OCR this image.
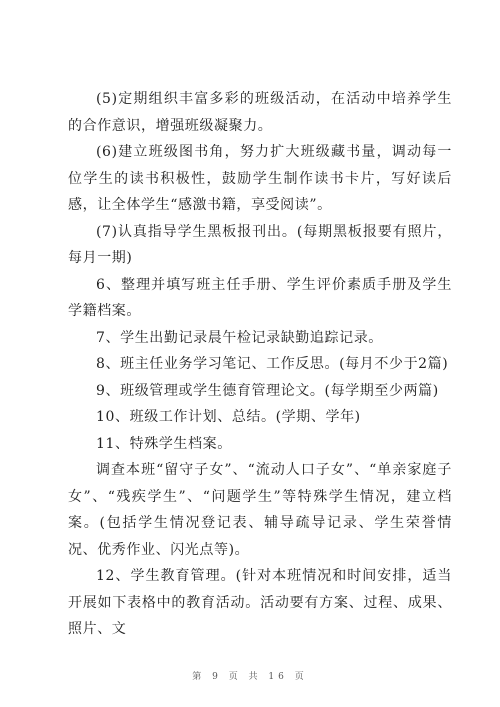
(5)定期组织丰富多彩的班级活动，在活动中培养学生的合作意识，增强班级凝聚力。

(6)建立班级图书角，努力扩大班级藏书量，调动每一位学生的读书积极性，鼓励学生制作读书卡片，写好读后感，让全体学生“感激书籍，享受阅读”。

(7)认真指导学生黑板报刊出。(每期黑板报要有照片，每月一期)

6、整理并填写班主任手册、学生评价素质手册及学生学籍档案。

7、学生出勤记录晨午检记录缺勤追踪记录。

8、班主任业务学习笔记、工作反思。(每月不少于2篇)

9、班级管理或学生德育管理论文。(每学期至少两篇)

10、班级工作计划、总结。(学期、学年)

11、特殊学生档案。

调查本班“留守子女”、“流动人口子女”、“单亲家庭子女”、“残疾学生”、“问题学生”等特殊学生情况，建立档案。(包括学生情况登记表、辅导疏导记录、学生荣誉情况、优秀作业、闪光点等)。

12、学生教育管理。(针对本班情况和时间安排，适当开展如下表格中的教育活动。活动要有方案、过程、成果、照片、文

第 9 页 共 16 页
